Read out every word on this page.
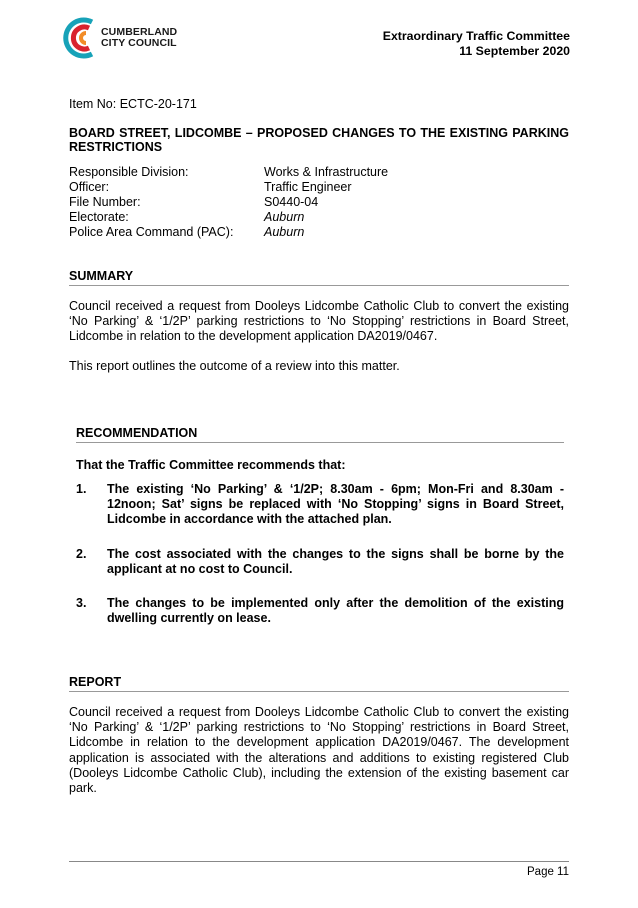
CUMBERLAND
CITY COUNCIL	Extraordinary Traffic Committee
11 September 2020
Item No: ECTC-20-171
BOARD STREET, LIDCOMBE – PROPOSED CHANGES TO THE EXISTING PARKING RESTRICTIONS
Responsible Division:	Works & Infrastructure
Officer:	Traffic Engineer
File Number:	S0440-04
Electorate:	Auburn
Police Area Command (PAC):	Auburn
SUMMARY
Council received a request from Dooleys Lidcombe Catholic Club to convert the existing ‘No Parking’ & ‘1/2P’ parking restrictions to ‘No Stopping’ restrictions in Board Street, Lidcombe in relation to the development application DA2019/0467.
This report outlines the outcome of a review into this matter.
RECOMMENDATION
That the Traffic Committee recommends that:
1.	The existing ‘No Parking’ & ‘1/2P; 8.30am - 6pm; Mon-Fri and 8.30am - 12noon; Sat’ signs be replaced with ‘No Stopping’ signs in Board Street, Lidcombe in accordance with the attached plan.
2.	The cost associated with the changes to the signs shall be borne by the applicant at no cost to Council.
3.	The changes to be implemented only after the demolition of the existing dwelling currently on lease.
REPORT
Council received a request from Dooleys Lidcombe Catholic Club to convert the existing ‘No Parking’ & ‘1/2P’ parking restrictions to ‘No Stopping’ restrictions in Board Street, Lidcombe in relation to the development application DA2019/0467. The development application is associated with the alterations and additions to existing registered Club (Dooleys Lidcombe Catholic Club), including the extension of the existing basement car park.
Page 11
